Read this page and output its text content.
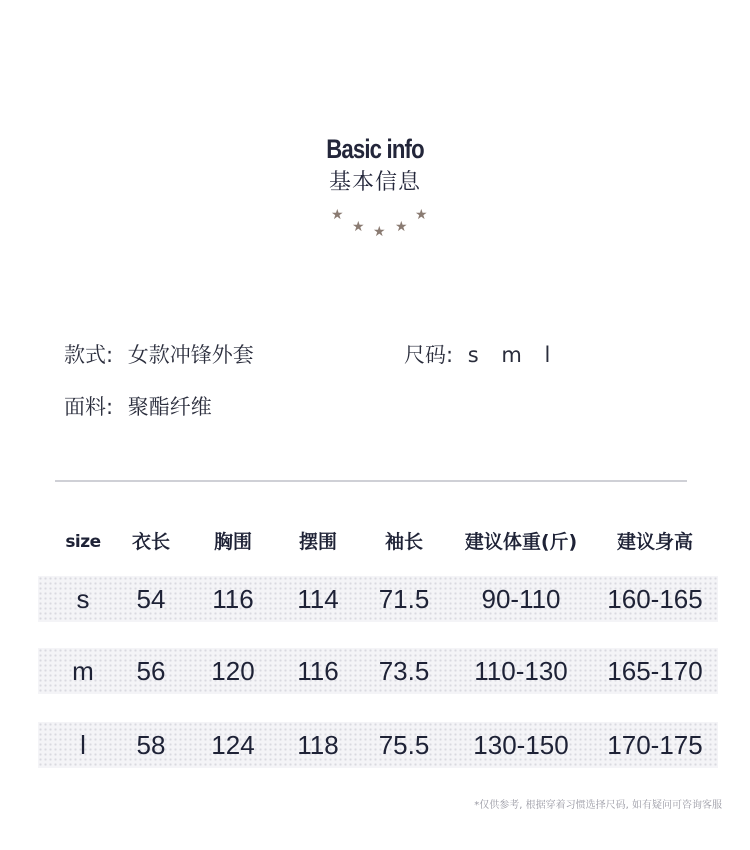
Basic info
基本信息
★
★ ★ ★
★
款式: 女款冲锋外套	尺码: s m l
面料: 聚酯纤维
size	衣长	胸围	摆围	袖长	建议体重(斤)	建议身高
s	54	116	114	71.5	90-110	160-165
m	56	120	116	73.5	110-130	165-170
l	58	124	118	75.5	130-150	170-175
*仅供参考, 根据穿着习惯选择尺码, 如有疑问可咨询客服
